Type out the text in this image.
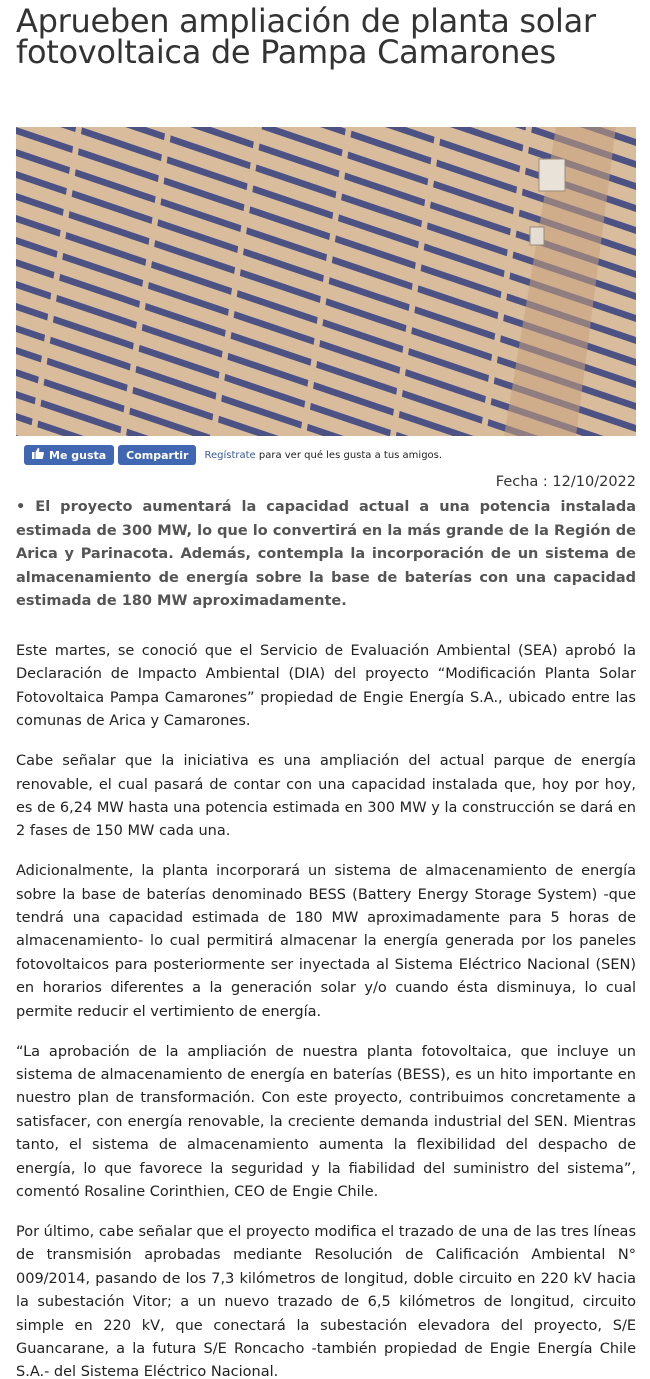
Aprueben ampliación de planta solar fotovoltaica de Pampa Camarones
Me gusta	Compartir	Regístrate para ver qué les gusta a tus amigos.
Fecha : 12/10/2022

• El proyecto aumentará la capacidad actual a una potencia instalada estimada de 300 MW, lo que lo convertirá en la más grande de la Región de Arica y Parinacota. Además, contempla la incorporación de un sistema de almacenamiento de energía sobre la base de baterías con una capacidad estimada de 180 MW aproximadamente.

Este martes, se conoció que el Servicio de Evaluación Ambiental (SEA) aprobó la Declaración de Impacto Ambiental (DIA) del proyecto “Modificación Planta Solar Fotovoltaica Pampa Camarones” propiedad de Engie Energía S.A., ubicado entre las comunas de Arica y Camarones.

Cabe señalar que la iniciativa es una ampliación del actual parque de energía renovable, el cual pasará de contar con una capacidad instalada que, hoy por hoy, es de 6,24 MW hasta una potencia estimada en 300 MW y la construcción se dará en 2 fases de 150 MW cada una.

Adicionalmente, la planta incorporará un sistema de almacenamiento de energía sobre la base de baterías denominado BESS (Battery Energy Storage System) -que tendrá una capacidad estimada de 180 MW aproximadamente para 5 horas de almacenamiento- lo cual permitirá almacenar la energía generada por los paneles fotovoltaicos para posteriormente ser inyectada al Sistema Eléctrico Nacional (SEN) en horarios diferentes a la generación solar y/o cuando ésta disminuya, lo cual permite reducir el vertimiento de energía.

“La aprobación de la ampliación de nuestra planta fotovoltaica, que incluye un sistema de almacenamiento de energía en baterías (BESS), es un hito importante en nuestro plan de transformación. Con este proyecto, contribuimos concretamente a satisfacer, con energía renovable, la creciente demanda industrial del SEN. Mientras tanto, el sistema de almacenamiento aumenta la flexibilidad del despacho de energía, lo que favorece la seguridad y la fiabilidad del suministro del sistema”, comentó Rosaline Corinthien, CEO de Engie Chile.

Por último, cabe señalar que el proyecto modifica el trazado de una de las tres líneas de transmisión aprobadas mediante Resolución de Calificación Ambiental N° 009/2014, pasando de los 7,3 kilómetros de longitud, doble circuito en 220 kV hacia la subestación Vitor; a un nuevo trazado de 6,5 kilómetros de longitud, circuito simple en 220 kV, que conectará la subestación elevadora del proyecto, S/E Guancarane, a la futura S/E Roncacho -también propiedad de Engie Energía Chile S.A.- del Sistema Eléctrico Nacional.
